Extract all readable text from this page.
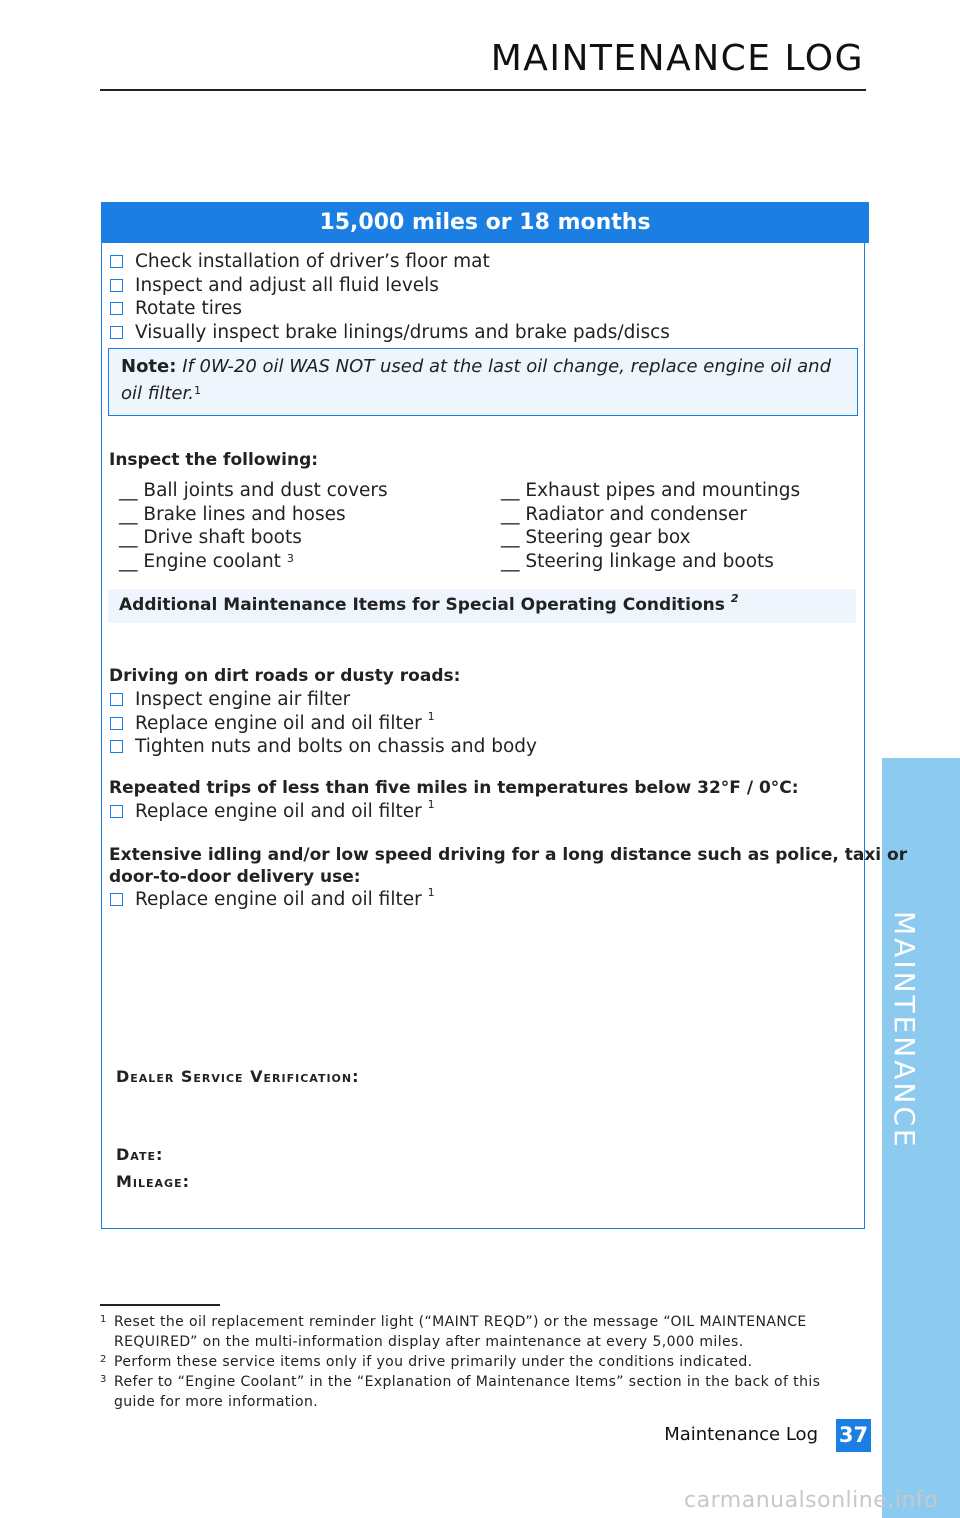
MAINTENANCE LOG
MAINTENANCE
15,000 miles or 18 months
Check installation of driver’s floor mat
Inspect and adjust all fluid levels
Rotate tires
Visually inspect brake linings/drums and brake pads/discs
Note: If 0W-20 oil WAS NOT used at the last oil change, replace engine oil and oil filter.$^1$
Inspect the following:
__ Ball joints and dust covers
__ Brake lines and hoses
__ Drive shaft boots
__ Engine coolant $^3$
__ Exhaust pipes and mountings
__ Radiator and condenser
__ Steering gear box
__ Steering linkage and boots
Additional Maintenance Items for Special Operating Conditions $^2$
Driving on dirt roads or dusty roads:
Inspect engine air filter
Replace engine oil and oil filter $^1$
Tighten nuts and bolts on chassis and body
Repeated trips of less than five miles in temperatures below 32°F / 0°C:
Replace engine oil and oil filter $^1$
Extensive idling and/or low speed driving for a long distance such as police, taxi or
door-to-door delivery use:
Replace engine oil and oil filter $^1$
Dealer Service Verification:
Date:
Mileage:
1 Reset the oil replacement reminder light (“MAINT REQD”) or the message “OIL MAINTENANCE REQUIRED” on the multi-information display after maintenance at every 5,000 miles.
2 Perform these service items only if you drive primarily under the conditions indicated.
3 Refer to “Engine Coolant” in the “Explanation of Maintenance Items” section in the back of this guide for more information.
Maintenance Log 37
carmanualsonline.info
